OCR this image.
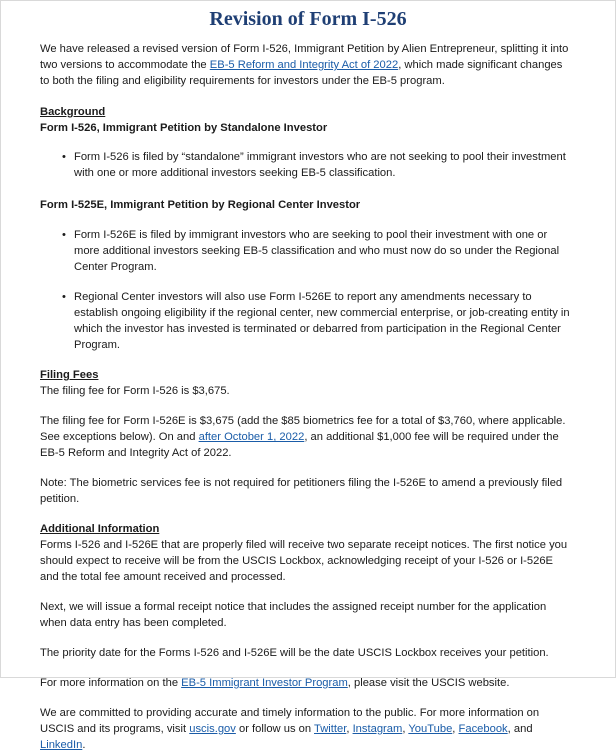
Revision of Form I-526

We have released a revised version of Form I-526, Immigrant Petition by Alien Entrepreneur, splitting it into two versions to accommodate the EB-5 Reform and Integrity Act of 2022, which made significant changes to both the filing and eligibility requirements for investors under the EB-5 program.

Background

Form I-526, Immigrant Petition by Standalone Investor

• Form I-526 is filed by “standalone” immigrant investors who are not seeking to pool their investment with one or more additional investors seeking EB-5 classification.

Form I-525E, Immigrant Petition by Regional Center Investor

• Form I-526E is filed by immigrant investors who are seeking to pool their investment with one or more additional investors seeking EB-5 classification and who must now do so under the Regional Center Program.
• Regional Center investors will also use Form I-526E to report any amendments necessary to establish ongoing eligibility if the regional center, new commercial enterprise, or job-creating entity in which the investor has invested is terminated or debarred from participation in the Regional Center Program.

Filing Fees

The filing fee for Form I-526 is $3,675.

The filing fee for Form I-526E is $3,675 (add the $85 biometrics fee for a total of $3,760, where applicable. See exceptions below). On and after October 1, 2022, an additional $1,000 fee will be required under the EB-5 Reform and Integrity Act of 2022.

Note: The biometric services fee is not required for petitioners filing the I-526E to amend a previously filed petition.

Additional Information

Forms I-526 and I-526E that are properly filed will receive two separate receipt notices. The first notice you should expect to receive will be from the USCIS Lockbox, acknowledging receipt of your I-526 or I-526E and the total fee amount received and processed.

Next, we will issue a formal receipt notice that includes the assigned receipt number for the application when data entry has been completed.

The priority date for the Forms I-526 and I-526E will be the date USCIS Lockbox receives your petition.

For more information on the EB-5 Immigrant Investor Program, please visit the USCIS website.

We are committed to providing accurate and timely information to the public. For more information on USCIS and its programs, visit uscis.gov or follow us on Twitter, Instagram, YouTube, Facebook, and LinkedIn.
